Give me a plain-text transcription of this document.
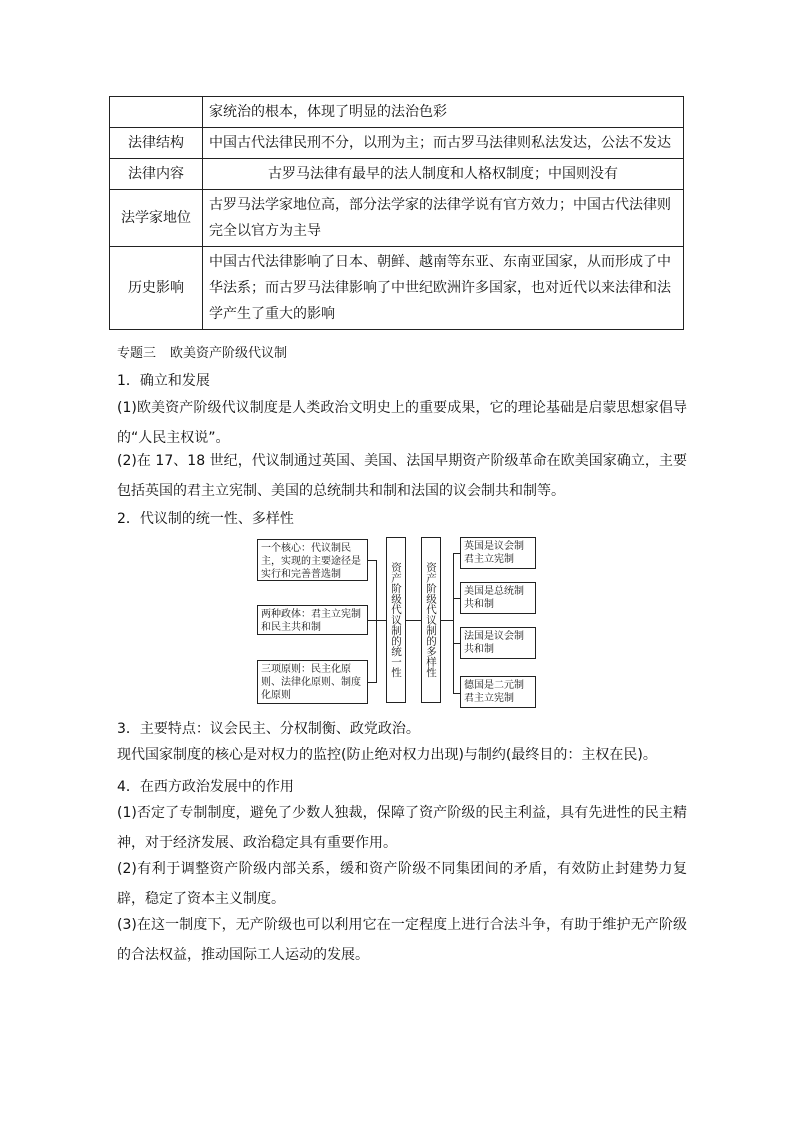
	家统治的根本，体现了明显的法治色彩
法律结构	中国古代法律民刑不分，以刑为主；而古罗马法律则私法发达，公法不发达
法律内容	古罗马法律有最早的法人制度和人格权制度；中国则没有
法学家地位	古罗马法学家地位高，部分法学家的法律学说有官方效力；中国古代法律则完全以官方为主导
历史影响	中国古代法律影响了日本、朝鲜、越南等东亚、东南亚国家，从而形成了中华法系；而古罗马法律影响了中世纪欧洲许多国家，也对近代以来法律和法学产生了重大的影响
专题三 欧美资产阶级代议制
1．确立和发展
(1)欧美资产阶级代议制度是人类政治文明史上的重要成果，它的理论基础是启蒙思想家倡导的“人民主权说”。
(2)在 17、18 世纪，代议制通过英国、美国、法国早期资产阶级革命在欧美国家确立，主要包括英国的君主立宪制、美国的总统制共和制和法国的议会制共和制等。
2．代议制的统一性、多样性
一个核心：代议制民主，实现的主要途径是实行和完善普选制
两种政体：君主立宪制和民主共和制
三项原则：民主化原则、法律化原则、制度化原则
资产阶级代议制的统一性	资产阶级代议制的多样性
英国是议会制君主立宪制
美国是总统制共和制
法国是议会制共和制
德国是二元制君主立宪制
3．主要特点：议会民主、分权制衡、政党政治。
现代国家制度的核心是对权力的监控(防止绝对权力出现)与制约(最终目的：主权在民)。
4．在西方政治发展中的作用
(1)否定了专制制度，避免了少数人独裁，保障了资产阶级的民主利益，具有先进性的民主精神，对于经济发展、政治稳定具有重要作用。
(2)有利于调整资产阶级内部关系，缓和资产阶级不同集团间的矛盾，有效防止封建势力复辟，稳定了资本主义制度。
(3)在这一制度下，无产阶级也可以利用它在一定程度上进行合法斗争，有助于维护无产阶级的合法权益，推动国际工人运动的发展。
